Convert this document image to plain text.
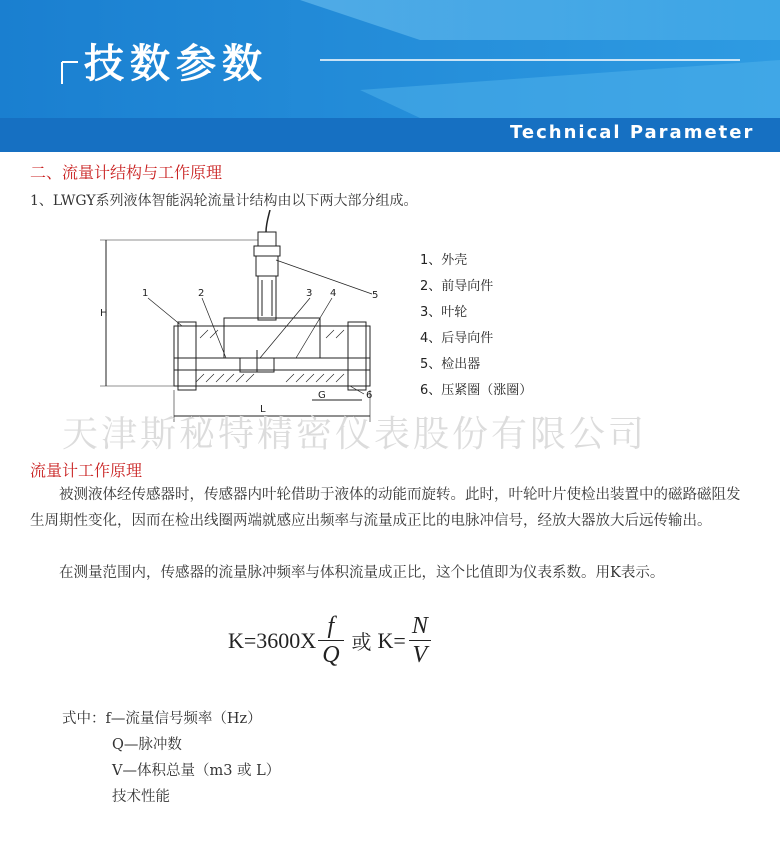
技数参数
Technical Parameter
二、流量计结构与工作原理
1、LWGY系列液体智能涡轮流量计结构由以下两大部分组成。
1	2	3 4	5
6
H
L
G
1、外壳
2、前导向件
3、叶轮
4、后导向件
5、检出器
6、压紧圈（涨圈）
天津斯秘特精密仪表股份有限公司
流量计工作原理

被测液体经传感器时，传感器内叶轮借助于液体的动能而旋转。此时，叶轮叶片使检出装置中的磁路磁阻发生周期性变化，因而在检出线圈两端就感应出频率与流量成正比的电脉冲信号，经放大器放大后远传输出。

在测量范围内，传感器的流量脉冲频率与体积流量成正比，这个比值即为仪表系数。用K表示。

$K=3600X \frac{f}{Q}$ 或 $K= \frac{N}{V}$
式中：f—流量信号频率（Hz）
Q—脉冲数
V—体积总量（m3 或 L）
技术性能
